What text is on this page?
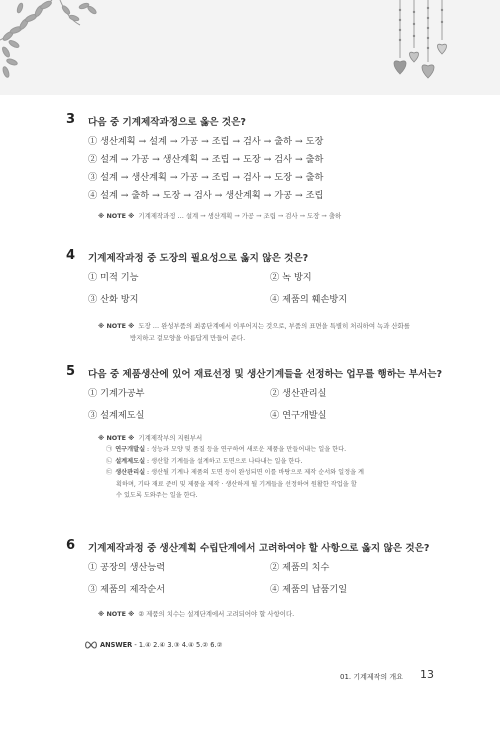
3 다음 중 기계제작과정으로 옳은 것은?
① 생산계획 → 설계 → 가공 → 조립 → 검사 → 출하 → 도장
② 설계 → 가공 → 생산계획 → 조립 → 도장 → 검사 → 출하
③ 설계 → 생산계획 → 가공 → 조립 → 검사 → 도장 → 출하
④ 설계 → 출하 → 도장 → 검사 → 생산계획 → 가공 → 조립
※ NOTE ※ 기계제작과정 … 설계 → 생산계획 → 가공 → 조립 → 검사 → 도장 → 출하
4 기계제작과정 중 도장의 필요성으로 옳지 않은 것은?
① 미적 기능	② 녹 방지
③ 산화 방지	④ 제품의 훼손방지
※ NOTE ※ 도장 … 완성부품의 최종단계에서 이루어지는 것으로, 부품의 표면을 특별히 처리하여 녹과 산화를
방지하고 겉모양을 아름답게 만들어 준다.
5 다음 중 제품생산에 있어 재료선정 및 생산기계들을 선정하는 업무를 행하는 부서는?
① 기계가공부	② 생산관리실
③ 설계제도실	④ 연구개발실
※ NOTE ※ 기계제작부의 지원부서
㉠ 연구개발실 : 성능과 모양 및 품질 등을 연구하여 새로운 제품을 만들어내는 일을 한다.
㉡ 설계제도실 : 생산할 기계들을 설계하고 도면으로 나타내는 일을 한다.
㉢ 생산관리실 : 생산될 기계나 제품의 도면 등이 완성되면 이를 바탕으로 제작 순서와 일정을 계
획하며, 기타 재료 준비 및 제품을 제작 · 생산하게 될 기계들을 선정하여 원활한 작업을 할
수 있도록 도와주는 일을 한다.
6 기계제작과정 중 생산계획 수립단계에서 고려하여야 할 사항으로 옳지 않은 것은?
① 공장의 생산능력	② 제품의 치수
③ 제품의 제작순서	④ 제품의 납품기일
※ NOTE ※ ② 제품의 치수는 설계단계에서 고려되어야 할 사항이다.
ANSWER - 1.④ 2.④ 3.③ 4.④ 5.② 6.②
01. 기계제작의 개요 13
